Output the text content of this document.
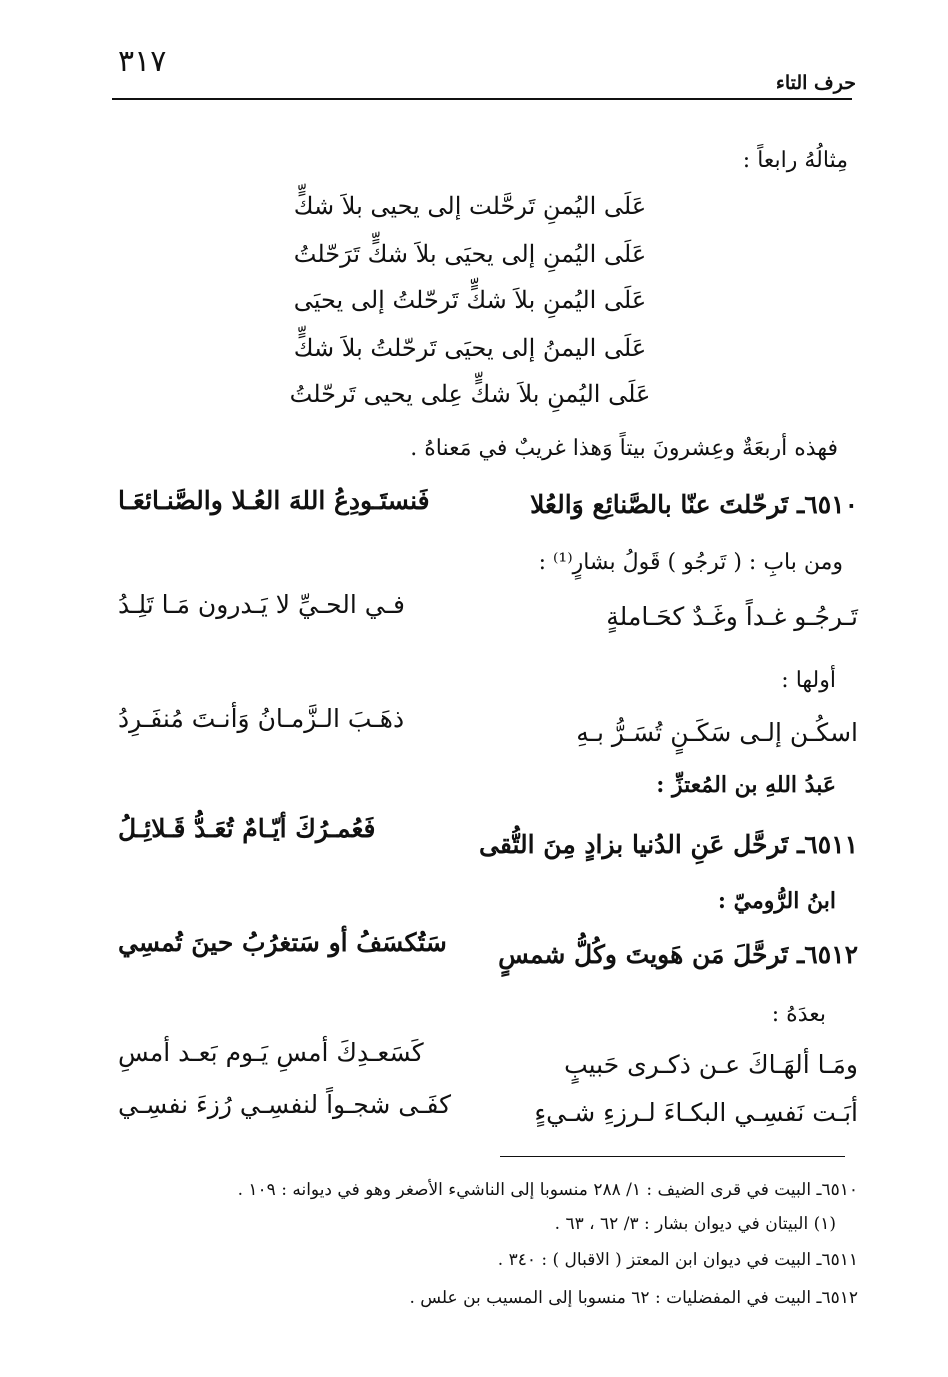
٣١٧
حرف التاء
مِثالُهُ رابعاً :
عَلَى اليُمنِ تَرحَّلت إلى يحيى بلاَ شكٍّ
عَلَى اليُمنِ إلى يحيَى بلاَ شكٍّ تَرَحّلتُ
عَلَى اليُمنِ بلاَ شكٍّ تَرحّلتُ إلى يحيَى
عَلَى اليمنُ إلى يحيَى تَرحّلتُ بلاَ شكٍّ
عَلَى اليُمنِ بلاَ شكٍّ عِلى يحيى تَرحّلتُ
فهذه أربعَةٌ وعِشرونَ بيتاً وَهذا غريبٌ في مَعناهُ .
٦٥١٠ـ تَرحّلتَ عنّا بالصَّنائِع وَالعُلا
فَنستَـودِعُ اللهَ العُـلا والصَّنـائعَـا
ومن بابِ : ( تَرجُو ) قَولُ بشارٍ⁽¹⁾ :
تَـرجُـو غـداً وغَـدٌ كحَـاملةٍ
فـي الحـيِّ لا يَـدرون مَـا تَلِـدُ
أولها :
اسكُـن إلـى سَكَـنٍ تُسَـرُّ بـهِ
ذهَـبَ الـزَّمـانُ وَأنـتَ مُنفَـرِدُ
عَبدُ اللهِ بن المُعتزِّ :
٦٥١١ـ تَرحَّل عَنِ الدُنيا بزادٍ مِنَ التُّقى
فَعُمـرُكَ أيّـامٌ تُعَـدُّ قَـلائِـلُ
ابنُ الرُّوميّ :
٦٥١٢ـ تَرحَّلَ مَن هَويتَ وكُلُّ شمسٍ
سَتُكسَفُ أو سَتغرُبُ حينَ تُمسِي
بعدَهُ :
ومَـا ألهَـاكَ عـن ذكـرى حَبيبٍ
كَسَعـدِكَ أمسِ يَـوم بَعـد أمسِ
أبَـت نَفسِـي البكـاءَ لـرزءِ شـيءٍ
كفَـى شجـواً لنفسِـي رُزءَ نفسِـي
٦٥١٠ـ البيت في قرى الضيف : ١/ ٢٨٨ منسوبا إلى الناشيء الأصغر وهو في ديوانه : ١٠٩ .
(١) البيتان في ديوان بشار : ٣/ ٦٢ ، ٦٣ .
٦٥١١ـ البيت في ديوان ابن المعتز ( الاقبال ) : ٣٤٠ .
٦٥١٢ـ البيت في المفضليات : ٦٢ منسوبا إلى المسيب بن علس .
